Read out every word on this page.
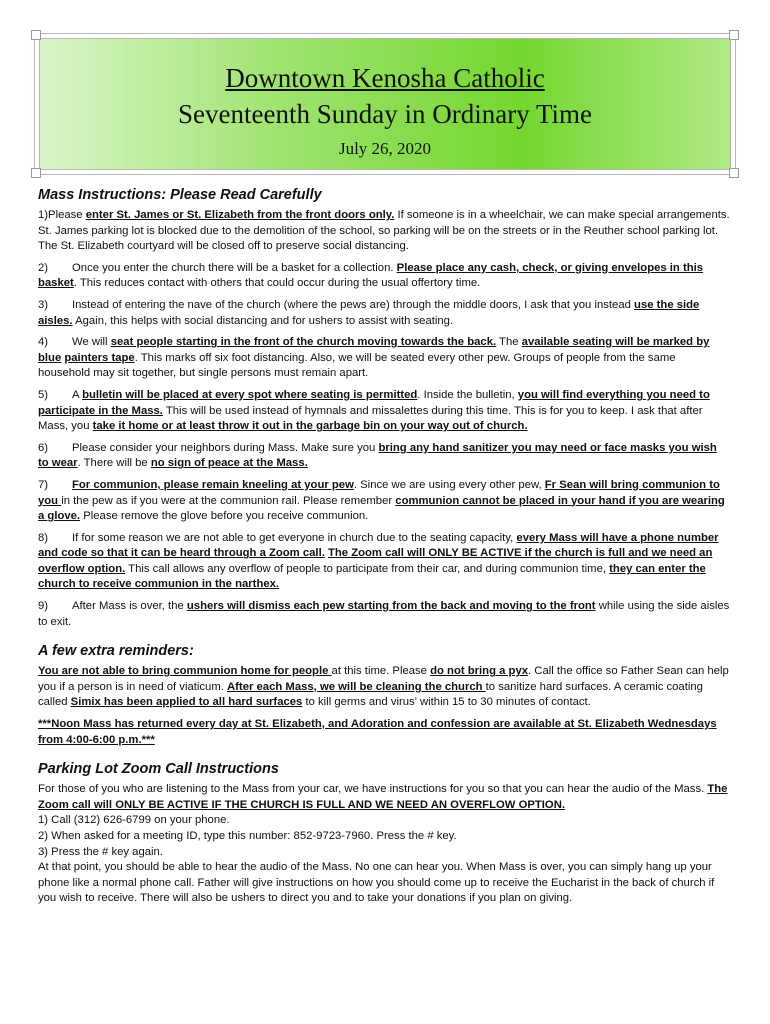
Downtown Kenosha Catholic
Seventeenth Sunday in Ordinary Time
July 26, 2020
Mass Instructions: Please Read Carefully

1)Please enter St. James or St. Elizabeth from the front doors only. If someone is in a wheelchair, we can make special arrangements. St. James parking lot is blocked due to the demolition of the school, so parking will be on the streets or in the Reuther school parking lot. The St. Elizabeth courtyard will be closed off to preserve social distancing.

2) Once you enter the church there will be a basket for a collection. Please place any cash, check, or giving envelopes in this basket. This reduces contact with others that could occur during the usual offertory time.

3) Instead of entering the nave of the church (where the pews are) through the middle doors, I ask that you instead use the side aisles. Again, this helps with social distancing and for ushers to assist with seating.

4) We will seat people starting in the front of the church moving towards the back. The available seating will be marked by blue painters tape. This marks off six foot distancing. Also, we will be seated every other pew. Groups of people from the same household may sit together, but single persons must remain apart.

5) A bulletin will be placed at every spot where seating is permitted. Inside the bulletin, you will find everything you need to participate in the Mass. This will be used instead of hymnals and missalettes during this time. This is for you to keep. I ask that after Mass, you take it home or at least throw it out in the garbage bin on your way out of church.

6) Please consider your neighbors during Mass. Make sure you bring any hand sanitizer you may need or face masks you wish to wear. There will be no sign of peace at the Mass.

7) For communion, please remain kneeling at your pew. Since we are using every other pew, Fr Sean will bring communion to you in the pew as if you were at the communion rail. Please remember communion cannot be placed in your hand if you are wearing a glove. Please remove the glove before you receive communion.

8) If for some reason we are not able to get everyone in church due to the seating capacity, every Mass will have a phone number and code so that it can be heard through a Zoom call. The Zoom call will ONLY BE ACTIVE if the church is full and we need an overflow option. This call allows any overflow of people to participate from their car, and during communion time, they can enter the church to receive communion in the narthex.

9) After Mass is over, the ushers will dismiss each pew starting from the back and moving to the front while using the side aisles to exit.

A few extra reminders:

You are not able to bring communion home for people at this time. Please do not bring a pyx. Call the office so Father Sean can help you if a person is in need of viaticum. After each Mass, we will be cleaning the church to sanitize hard surfaces. A ceramic coating called Simix has been applied to all hard surfaces to kill germs and virus' within 15 to 30 minutes of contact.

***Noon Mass has returned every day at St. Elizabeth, and Adoration and confession are available at St. Elizabeth Wednesdays from 4:00-6:00 p.m.***

Parking Lot Zoom Call Instructions

For those of you who are listening to the Mass from your car, we have instructions for you so that you can hear the audio of the Mass. The Zoom call will ONLY BE ACTIVE IF THE CHURCH IS FULL AND WE NEED AN OVERFLOW OPTION.

1) Call (312) 626-6799 on your phone.

2) When asked for a meeting ID, type this number: 852-9723-7960. Press the # key.

3) Press the # key again.

At that point, you should be able to hear the audio of the Mass. No one can hear you. When Mass is over, you can simply hang up your phone like a normal phone call. Father will give instructions on how you should come up to receive the Eucharist in the back of church if you wish to receive. There will also be ushers to direct you and to take your donations if you plan on giving.
